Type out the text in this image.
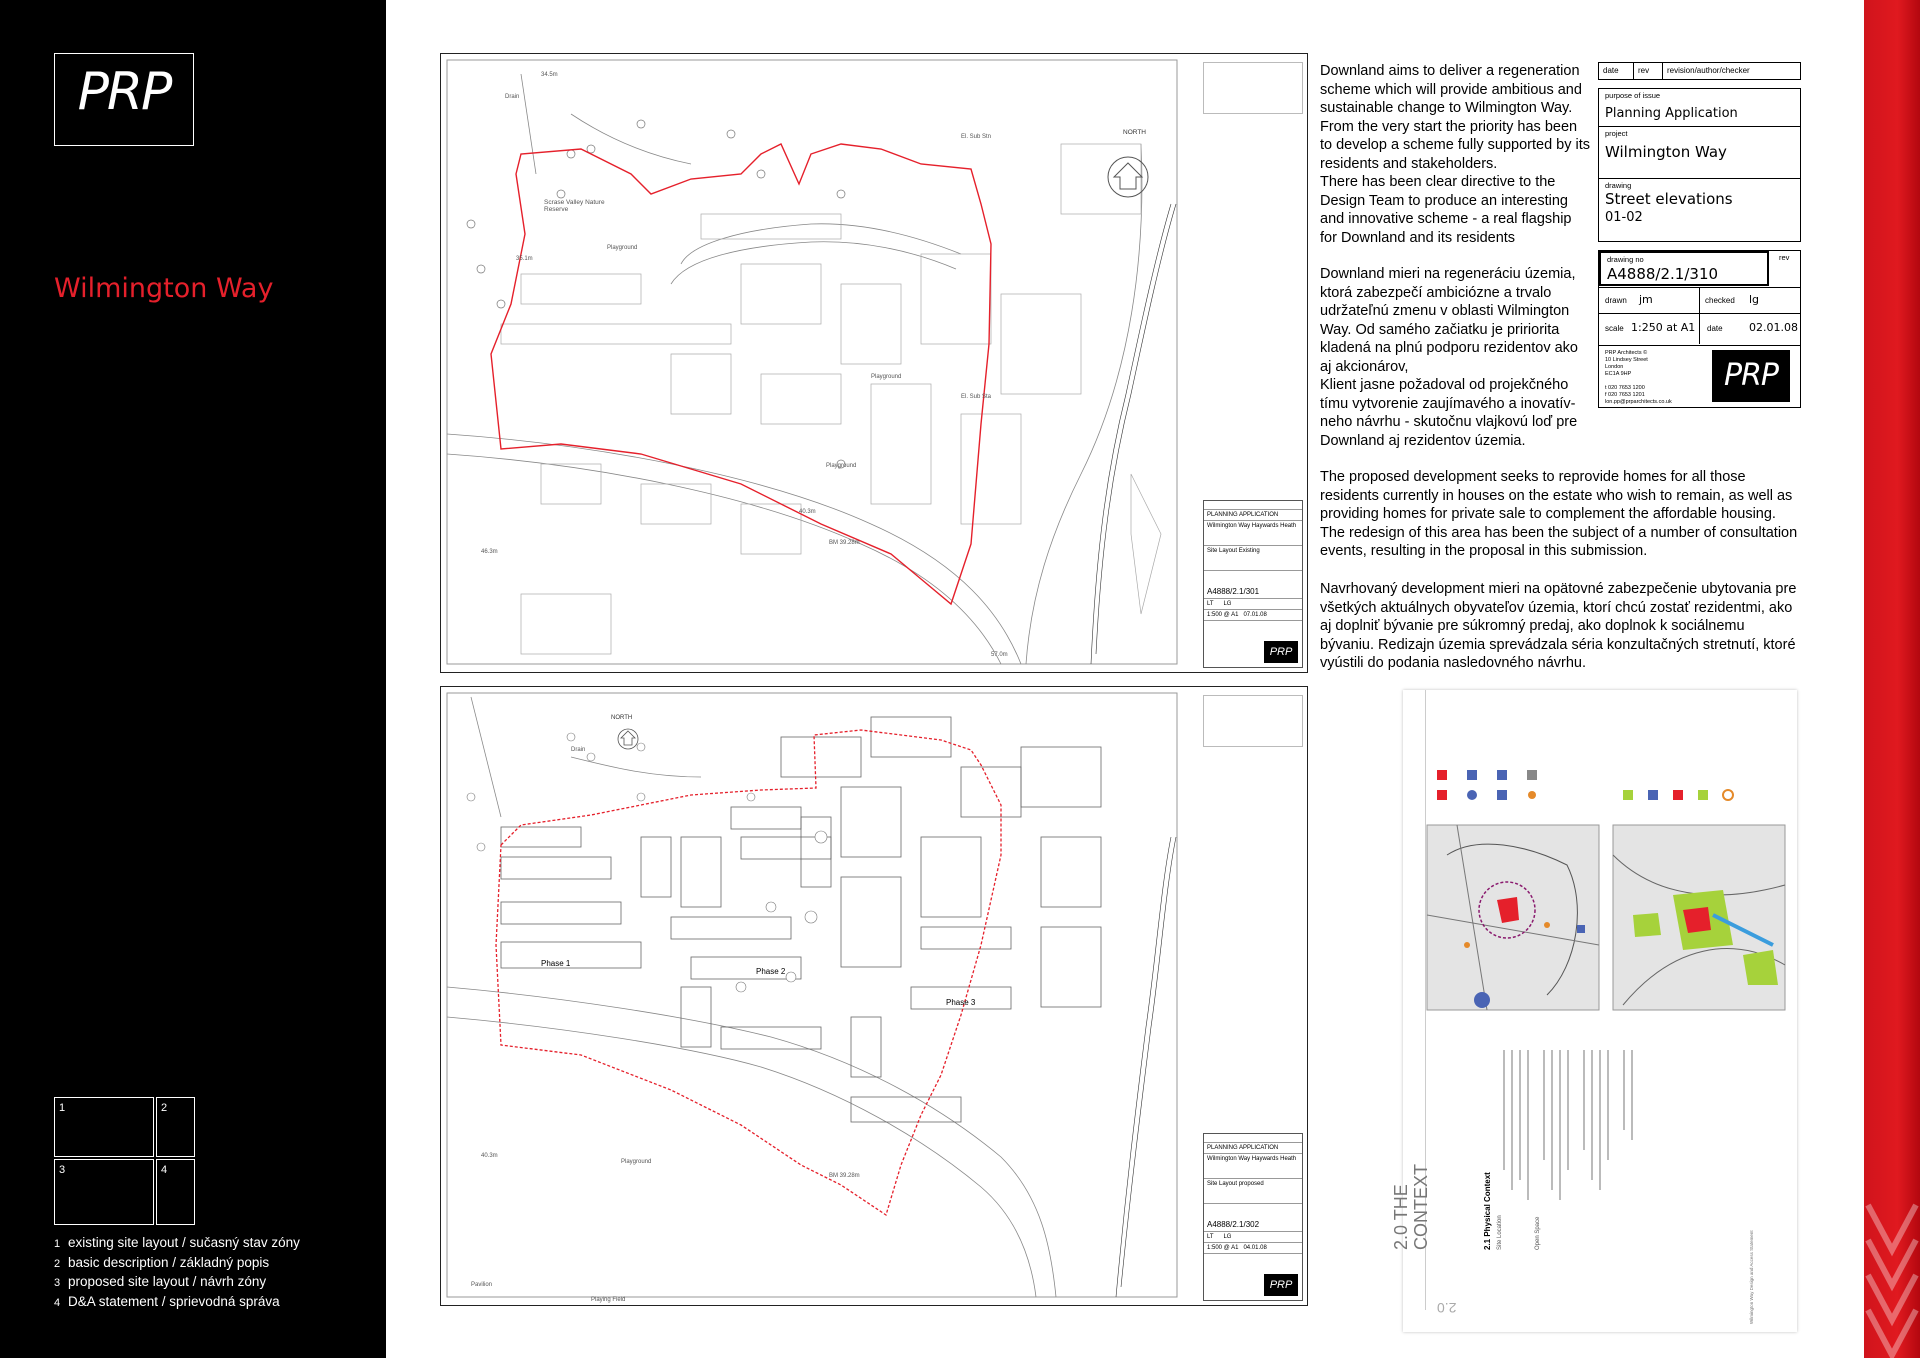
PRP
Wilmington Way
1	2
3	4
1 existing site layout / sučasný stav zóny
2 basic description / základný popis
3 proposed site layout / návrh zóny
4 D&A statement / sprievodná správa
Scrase Valley Nature Reserve
Playground
Playground
El. Sub Stn
El. Sub Sta
Playground
Drain
34.5m
35.1m
40.3m
46.3m
BM 39.28m
57.0m
NORTH
PLANNING APPLICATION
Wilmington Way Haywards Heath
Site Layout Existing
A4888/2.1/301
LT LG
1:500 @ A1 07.01.08
PRP
Phase 1
Phase 2
Phase 3
Playground
Playing Field
Pavilion
Drain
40.3m
BM 39.28m
NORTH
PLANNING APPLICATION
Wilmington Way Haywards Heath
Site Layout proposed
A4888/2.1/302
LT LG
1:500 @ A1 04.01.08
PRP
Downland aims to deliver a regeneration scheme which will provide ambitious and sustainable change to Wilmington Way. From the very start the priority has been to develop a scheme fully supported by its residents and stakeholders.
There has been clear directive to the Design Team to produce an interesting and innovative scheme - a real flagship for Downland and its residents
Downland mieri na regeneráciu územia, ktorá zabezpečí ambiciózne a trvalo udržateľnú zmenu v oblasti Wilmington Way. Od samého začiatku je pririorita kladená na plnú podporu rezidentov ako aj akcionárov,
Klient jasne požadoval od projekčného tímu vytvorenie zaujímavého a inovatív-neho návrhu - skutočnu vlajkovú loď pre Downland aj rezidentov územia.
The proposed development seeks to reprovide homes for all those residents currently in houses on the estate who wish to remain, as well as providing homes for private sale to complement the affordable housing. The redesign of this area has been the subject of a number of consultation events, resulting in the proposal in this submission.
Navrhovaný development mieri na opätovné zabezpečenie ubytovania pre všetkých aktuálnych obyvateľov územia, ktorí chcú zostať rezidentmi, ako aj doplniť bývanie pre súkromný predaj, ako doplnok k sociálnemu bývaniu. Redizajn územia sprevádzala séria konzultačných stretnutí, ktoré vyústili do podania nasledovného návrhu.
date	rev	revision/author/checker
purpose of issue
Planning Application
project
Wilmington Way
drawing
Street elevations
01-02
drawing no
A4888/2.1/310
rev
drawn jm	checked lg
scale 1:250 at A1 date 02.01.08
PRP Architects ©
10 Lindsey Street
London
EC1A 9HP

t 020 7653 1200
f 020 7653 1201
lon.pp@prparchitects.co.uk
PRP
2.0 THE CONTEXT	2.1 Physical Context Site Location	Open Space
2.0	Wilmington Way Design and Access Statement
